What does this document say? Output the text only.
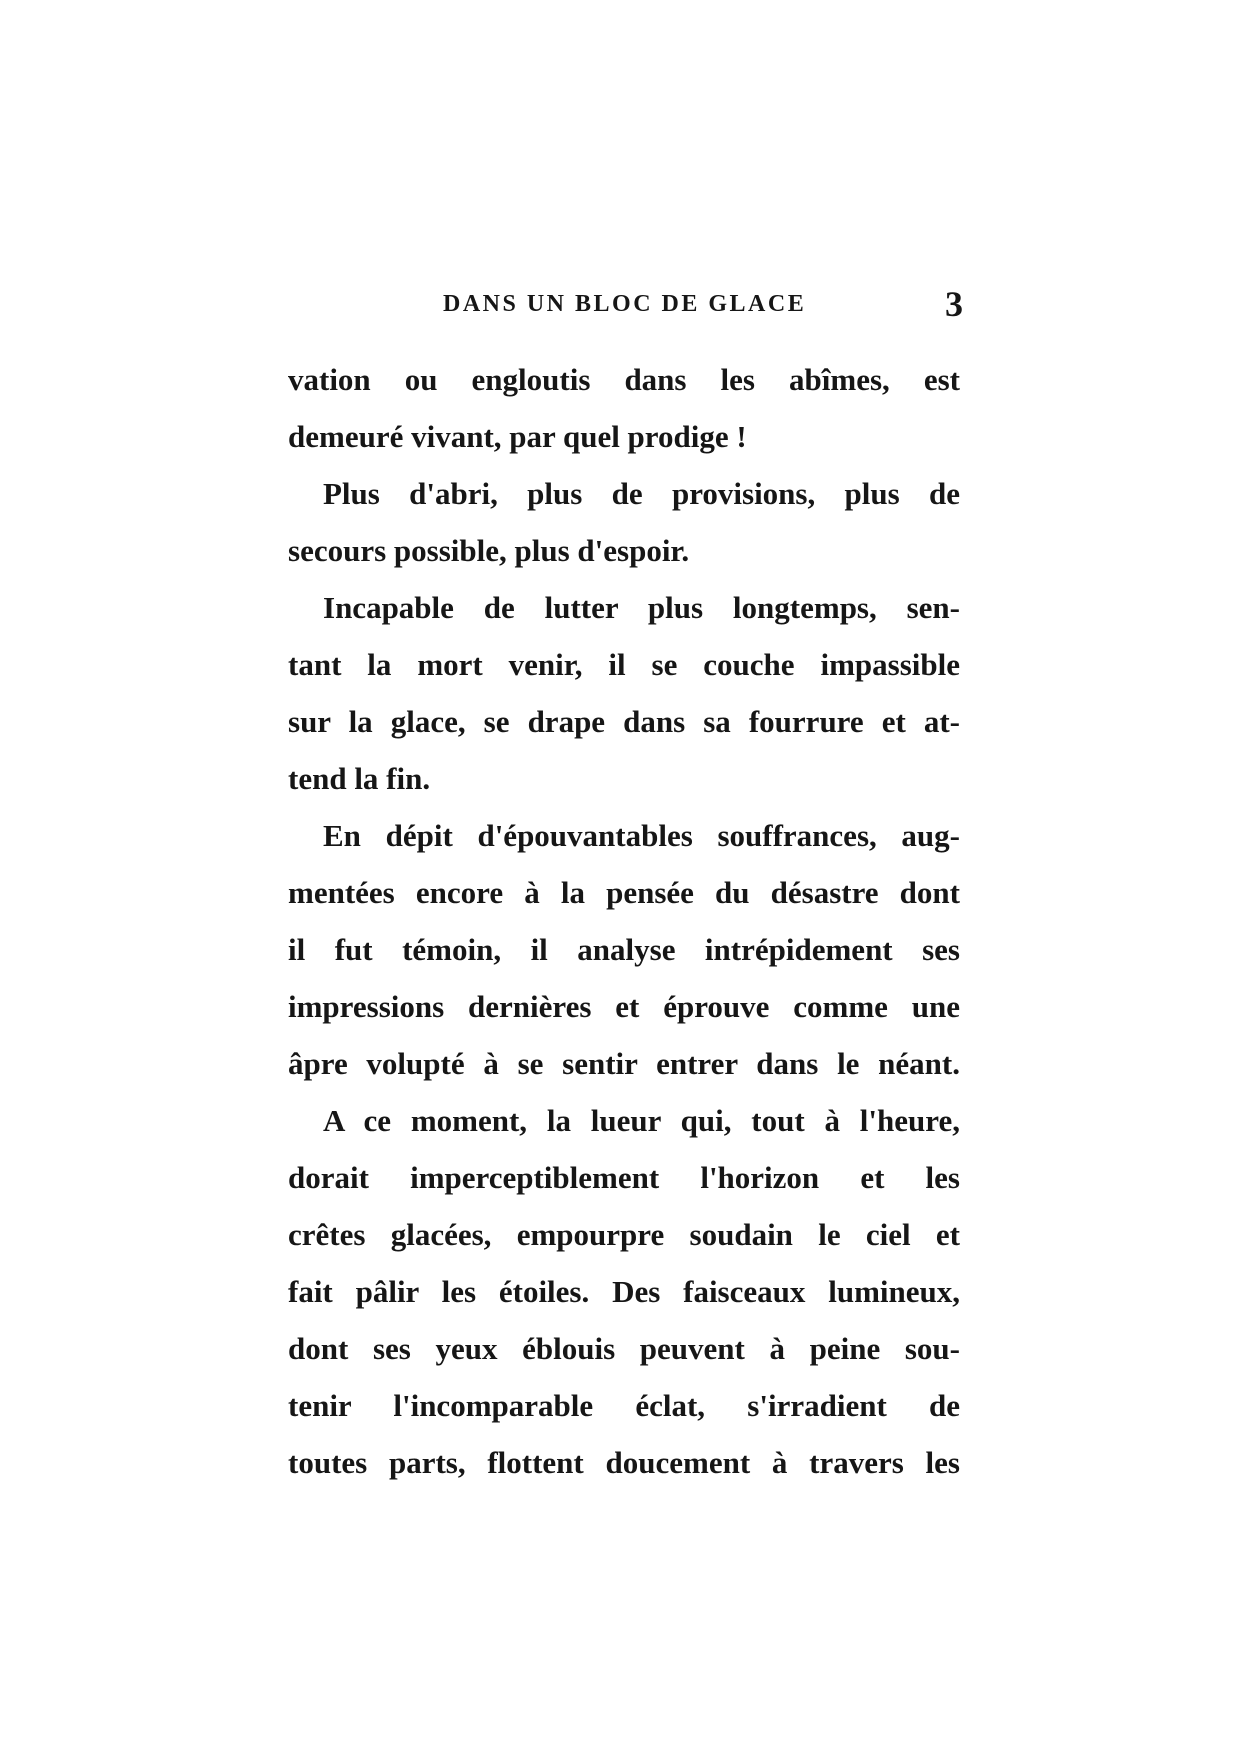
DANS UN BLOC DE GLACE	3
vation ou engloutis dans les abîmes, est
demeuré vivant, par quel prodige !
Plus d'abri, plus de provisions, plus de
secours possible, plus d'espoir.
Incapable de lutter plus longtemps, sen-
tant la mort venir, il se couche impassible
sur la glace, se drape dans sa fourrure et at-
tend la fin.
En dépit d'épouvantables souffrances, aug-
mentées encore à la pensée du désastre dont
il fut témoin, il analyse intrépidement ses
impressions dernières et éprouve comme une
âpre volupté à se sentir entrer dans le néant.
A ce moment, la lueur qui, tout à l'heure,
dorait imperceptiblement l'horizon et les
crêtes glacées, empourpre soudain le ciel et
fait pâlir les étoiles. Des faisceaux lumineux,
dont ses yeux éblouis peuvent à peine sou-
tenir l'incomparable éclat, s'irradient de
toutes parts, flottent doucement à travers les
